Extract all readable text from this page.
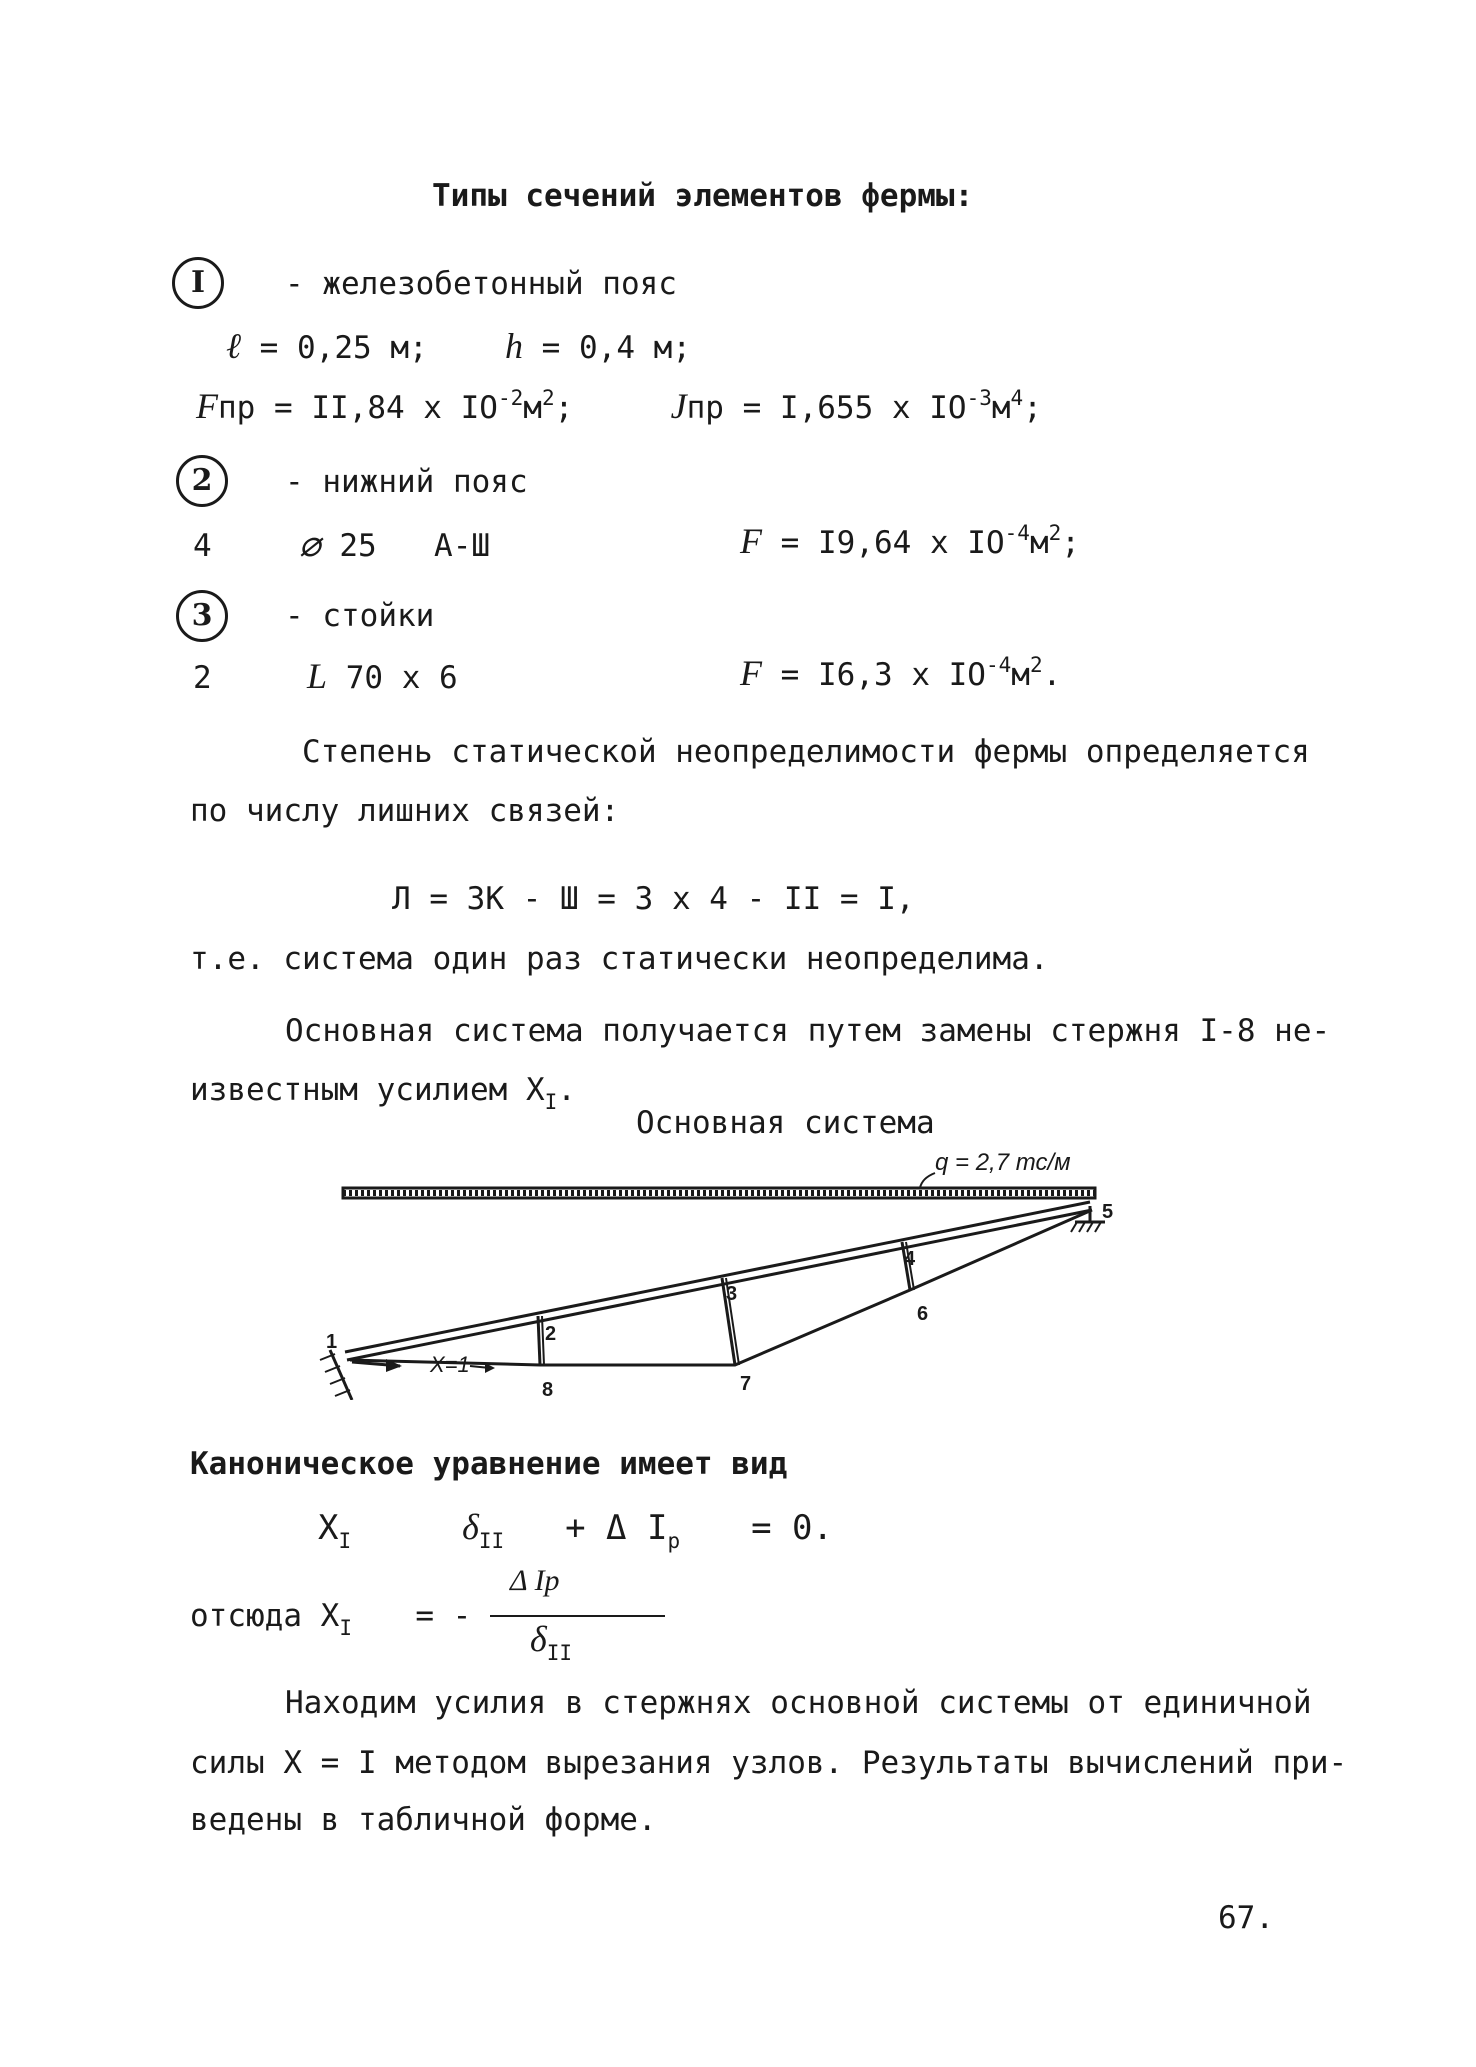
Типы сечений элементов фермы:
I	- железобетонный пояс
ℓ = 0,25 м; h = 0,4 м;
Fпр = II,84 x $IO^{-2}м^2$;	Jпр = I,655 x $IO^{-3}м^4$;
2	- нижний пояс
4 ⌀ 25 A-Ш	F = I9,64 x $IO^{-4}м^2$;
3	- стойки
2	L 70 x 6	F = I6,3 x $IO^{-4}м^2$.
Степень статической неопределимости фермы определяется
по числу лишних связей:
Л = 3К - Ш = 3 x 4 - II = I,
т.е. система один раз статически неопределима.
Основная система получается путем замены стержня I-8 не-
известным усилием $X_I$.
Основная система
q = 2,7 тс/м
X=1
1	2
3
4
5
6
7
8
Каноническое уравнение имеет вид
$X_I$	$\delta_{II} + \Delta$ $I_p = 0$.
отсюда $X_I$ = -
Δ Ip
$\delta_{II}$
Находим усилия в стержнях основной системы от единичной
силы X = I методом вырезания узлов. Результаты вычислений при-
ведены в табличной форме.
67.
